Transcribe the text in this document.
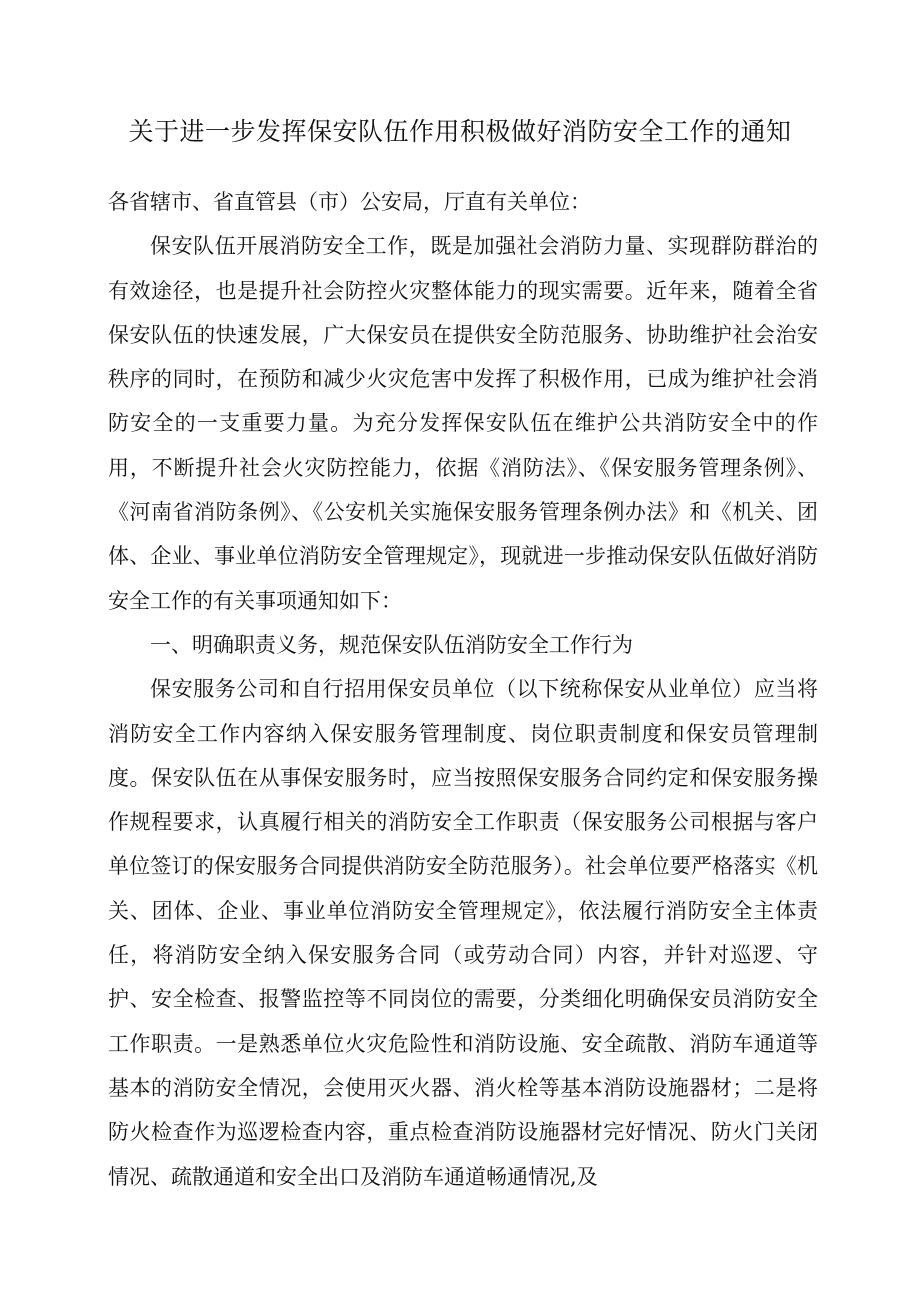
关于进一步发挥保安队伍作用积极做好消防安全工作的通知

各省辖市、省直管县（市）公安局，厅直有关单位：

保安队伍开展消防安全工作，既是加强社会消防力量、实现群防群治的有效途径，也是提升社会防控火灾整体能力的现实需要。近年来，随着全省保安队伍的快速发展，广大保安员在提供安全防范服务、协助维护社会治安秩序的同时，在预防和减少火灾危害中发挥了积极作用，已成为维护社会消防安全的一支重要力量。为充分发挥保安队伍在维护公共消防安全中的作用，不断提升社会火灾防控能力，依据《消防法》、《保安服务管理条例》、《河南省消防条例》、《公安机关实施保安服务管理条例办法》和《机关、团体、企业、事业单位消防安全管理规定》，现就进一步推动保安队伍做好消防安全工作的有关事项通知如下：

一、明确职责义务，规范保安队伍消防安全工作行为

保安服务公司和自行招用保安员单位（以下统称保安从业单位）应当将消防安全工作内容纳入保安服务管理制度、岗位职责制度和保安员管理制度。保安队伍在从事保安服务时，应当按照保安服务合同约定和保安服务操作规程要求，认真履行相关的消防安全工作职责（保安服务公司根据与客户单位签订的保安服务合同提供消防安全防范服务）。社会单位要严格落实《机关、团体、企业、事业单位消防安全管理规定》，依法履行消防安全主体责任，将消防安全纳入保安服务合同（或劳动合同）内容，并针对巡逻、守护、安全检查、报警监控等不同岗位的需要，分类细化明确保安员消防安全工作职责。一是熟悉单位火灾危险性和消防设施、安全疏散、消防车通道等基本的消防安全情况，会使用灭火器、消火栓等基本消防设施器材；二是将防火检查作为巡逻检查内容，重点检查消防设施器材完好情况、防火门关闭情况、疏散通道和安全出口及消防车通道畅通情况,及
